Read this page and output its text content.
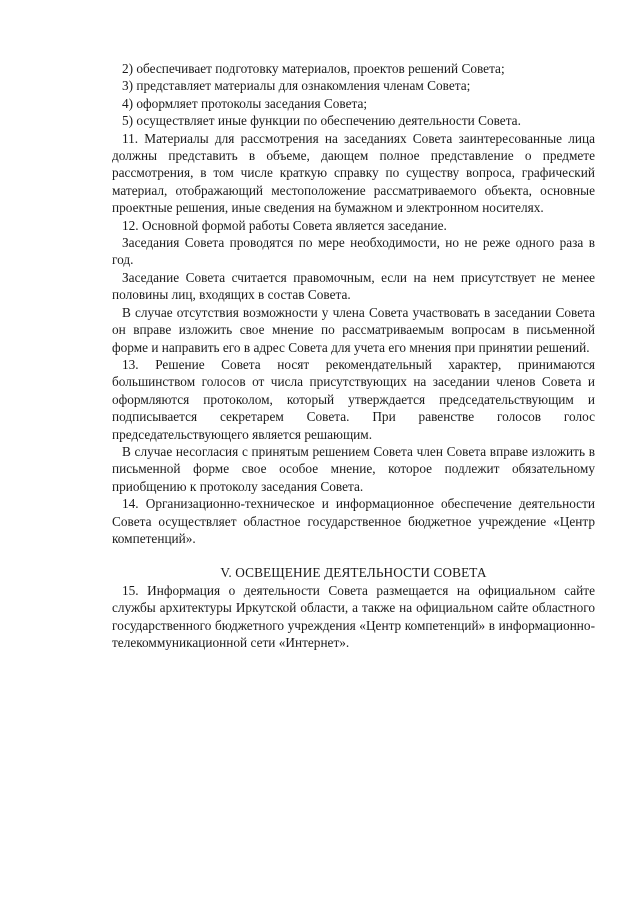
2) обеспечивает подготовку материалов, проектов решений Совета;

3) представляет материалы для ознакомления членам Совета;

4) оформляет протоколы заседания Совета;

5) осуществляет иные функции по обеспечению деятельности Совета.

11. Материалы для рассмотрения на заседаниях Совета заинтересованные лица должны представить в объеме, дающем полное представление о предмете рассмотрения, в том числе краткую справку по существу вопроса, графический материал, отображающий местоположение рассматриваемого объекта, основные проектные решения, иные сведения на бумажном и электронном носителях.

12. Основной формой работы Совета является заседание.

Заседания Совета проводятся по мере необходимости, но не реже одного раза в год.

Заседание Совета считается правомочным, если на нем присутствует не менее половины лиц, входящих в состав Совета.

В случае отсутствия возможности у члена Совета участвовать в заседании Совета он вправе изложить свое мнение по рассматриваемым вопросам в письменной форме и направить его в адрес Совета для учета его мнения при принятии решений.

13. Решение Совета носят рекомендательный характер, принимаются большинством голосов от числа присутствующих на заседании членов Совета и оформляются протоколом, который утверждается председательствующим и подписывается секретарем Совета. При равенстве голосов голос председательствующего является решающим.

В случае несогласия с принятым решением Совета член Совета вправе изложить в письменной форме свое особое мнение, которое подлежит обязательному приобщению к протоколу заседания Совета.

14. Организационно-техническое и информационное обеспечение деятельности Совета осуществляет областное государственное бюджетное учреждение «Центр компетенций».

V. ОСВЕЩЕНИЕ ДЕЯТЕЛЬНОСТИ СОВЕТА

15. Информация о деятельности Совета размещается на официальном сайте службы архитектуры Иркутской области, а также на официальном сайте областного государственного бюджетного учреждения «Центр компетенций» в информационно-телекоммуникационной сети «Интернет».
